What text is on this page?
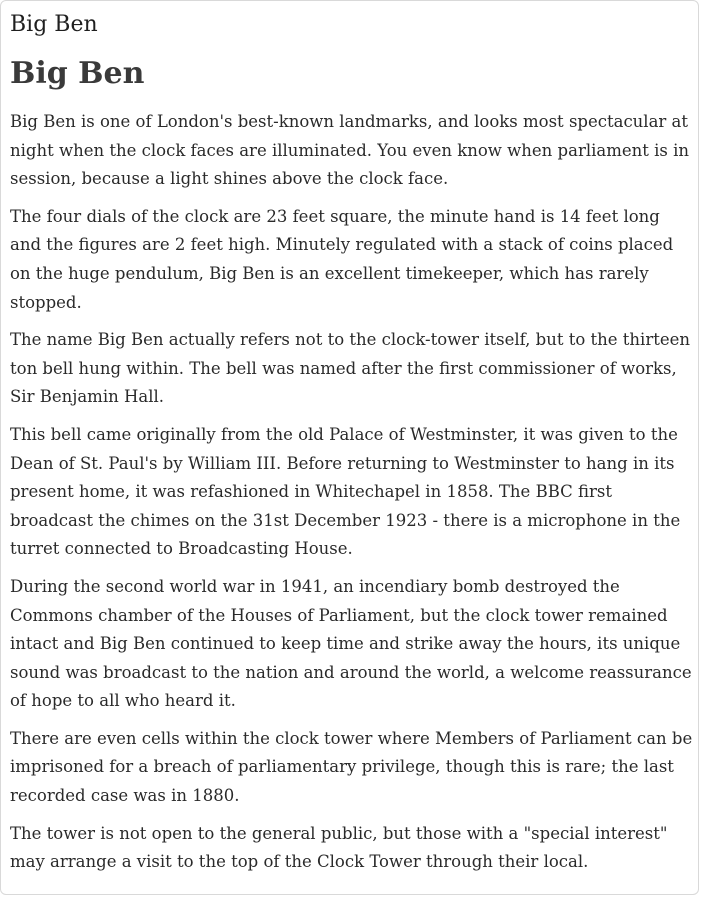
Big Ben
Big Ben

Big Ben is one of London's best-known landmarks, and looks most spectacular at night when the clock faces are illuminated. You even know when parliament is in session, because a light shines above the clock face.

The four dials of the clock are 23 feet square, the minute hand is 14 feet long and the figures are 2 feet high. Minutely regulated with a stack of coins placed on the huge pendulum, Big Ben is an excellent timekeeper, which has rarely stopped.

The name Big Ben actually refers not to the clock-tower itself, but to the thirteen ton bell hung within. The bell was named after the first commissioner of works, Sir Benjamin Hall.

This bell came originally from the old Palace of Westminster, it was given to the Dean of St. Paul's by William III. Before returning to Westminster to hang in its present home, it was refashioned in Whitechapel in 1858. The BBC first broadcast the chimes on the 31st December 1923 - there is a microphone in the turret connected to Broadcasting House.

During the second world war in 1941, an incendiary bomb destroyed the Commons chamber of the Houses of Parliament, but the clock tower remained intact and Big Ben continued to keep time and strike away the hours, its unique sound was broadcast to the nation and around the world, a welcome reassurance of hope to all who heard it.

There are even cells within the clock tower where Members of Parliament can be imprisoned for a breach of parliamentary privilege, though this is rare; the last recorded case was in 1880.

The tower is not open to the general public, but those with a "special interest" may arrange a visit to the top of the Clock Tower through their local.
